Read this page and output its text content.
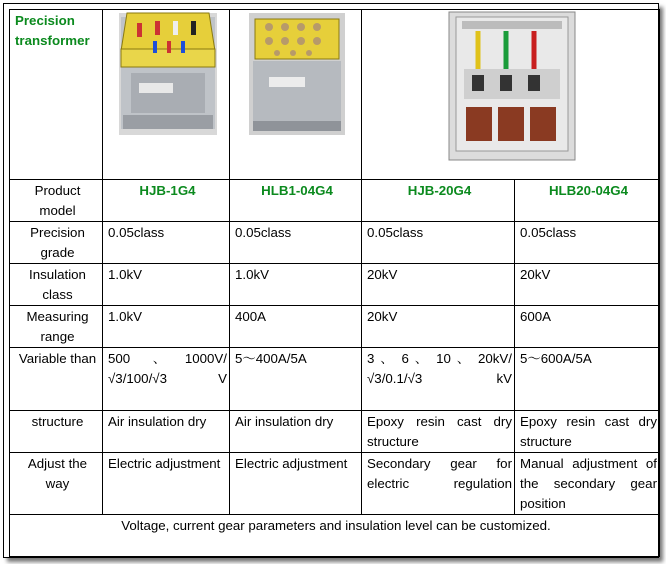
Precision transformer	

Product model	HJB-1G4	HLB1-04G4	HJB-20G4	HLB20-04G4
Precision grade	0.05class	0.05class	0.05class	0.05class
Insulation class	1.0kV	1.0kV	20kV	20kV
Measuring range	1.0kV	400A	20kV	600A
Variable than	500 、1000V/√3/100/√3 V	5～400A/5A	3 、 6 、 10 、 20kV/√3/0.1/√3 kV	5～600A/5A
structure	Air insulation dry	Air insulation dry	Epoxy resin cast dry structure	Epoxy resin cast dry structure
Adjust the way	Electric adjustment	Electric adjustment	Secondary gear for electric regulation	Manual adjustment of the secondary gear position
Voltage, current gear parameters and insulation level can be customized.				
